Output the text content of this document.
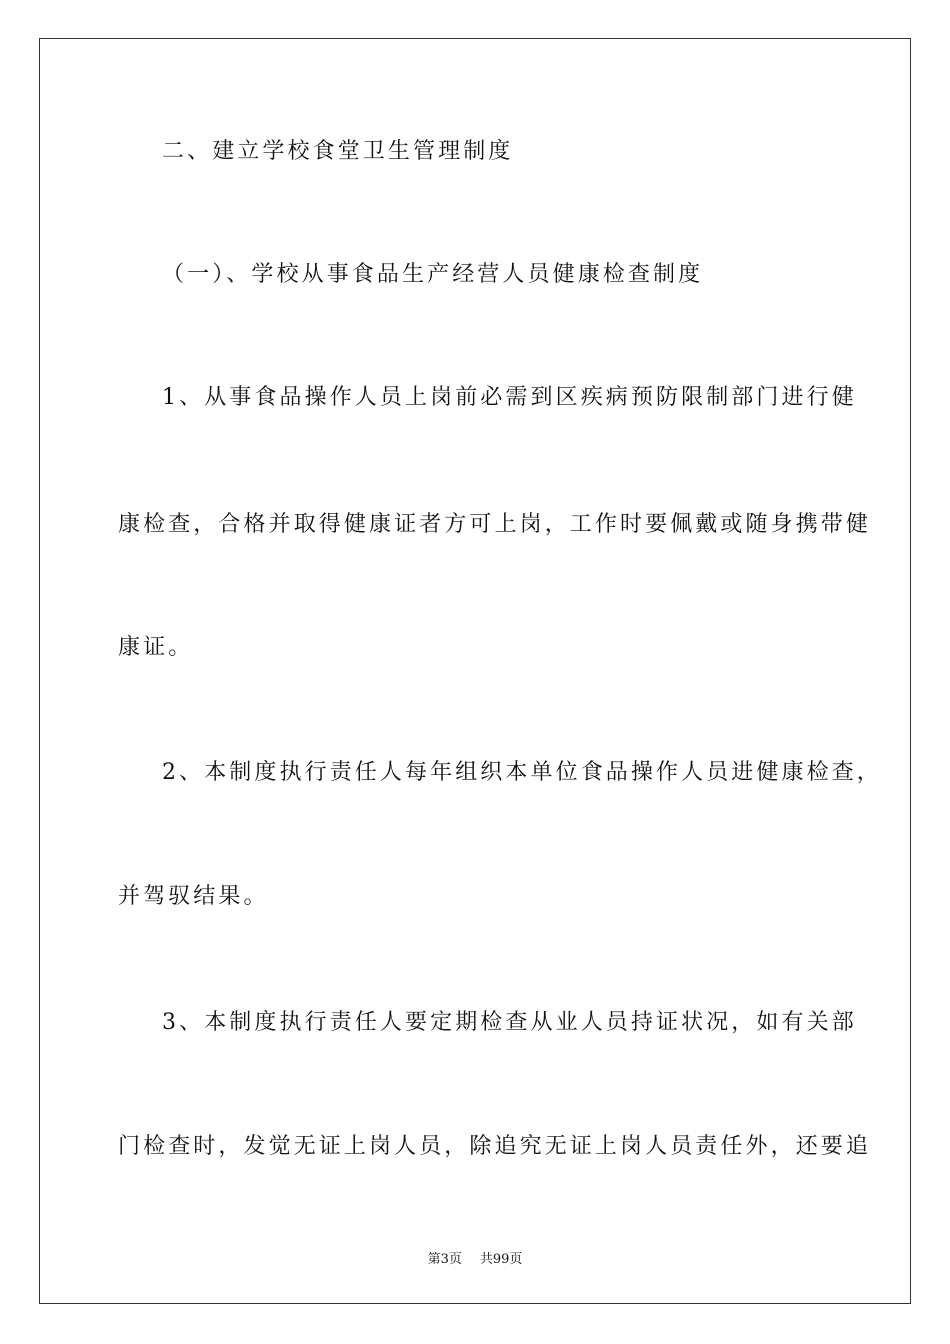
二、建立学校食堂卫生管理制度
（一）、学校从事食品生产经营人员健康检查制度
1、从事食品操作人员上岗前必需到区疾病预防限制部门进行健
康检查，合格并取得健康证者方可上岗，工作时要佩戴或随身携带健
康证。
2、本制度执行责任人每年组织本单位食品操作人员进健康检查，
并驾驭结果。
3、本制度执行责任人要定期检查从业人员持证状况，如有关部
门检查时，发觉无证上岗人员，除追究无证上岗人员责任外，还要追
第3页 共99页
